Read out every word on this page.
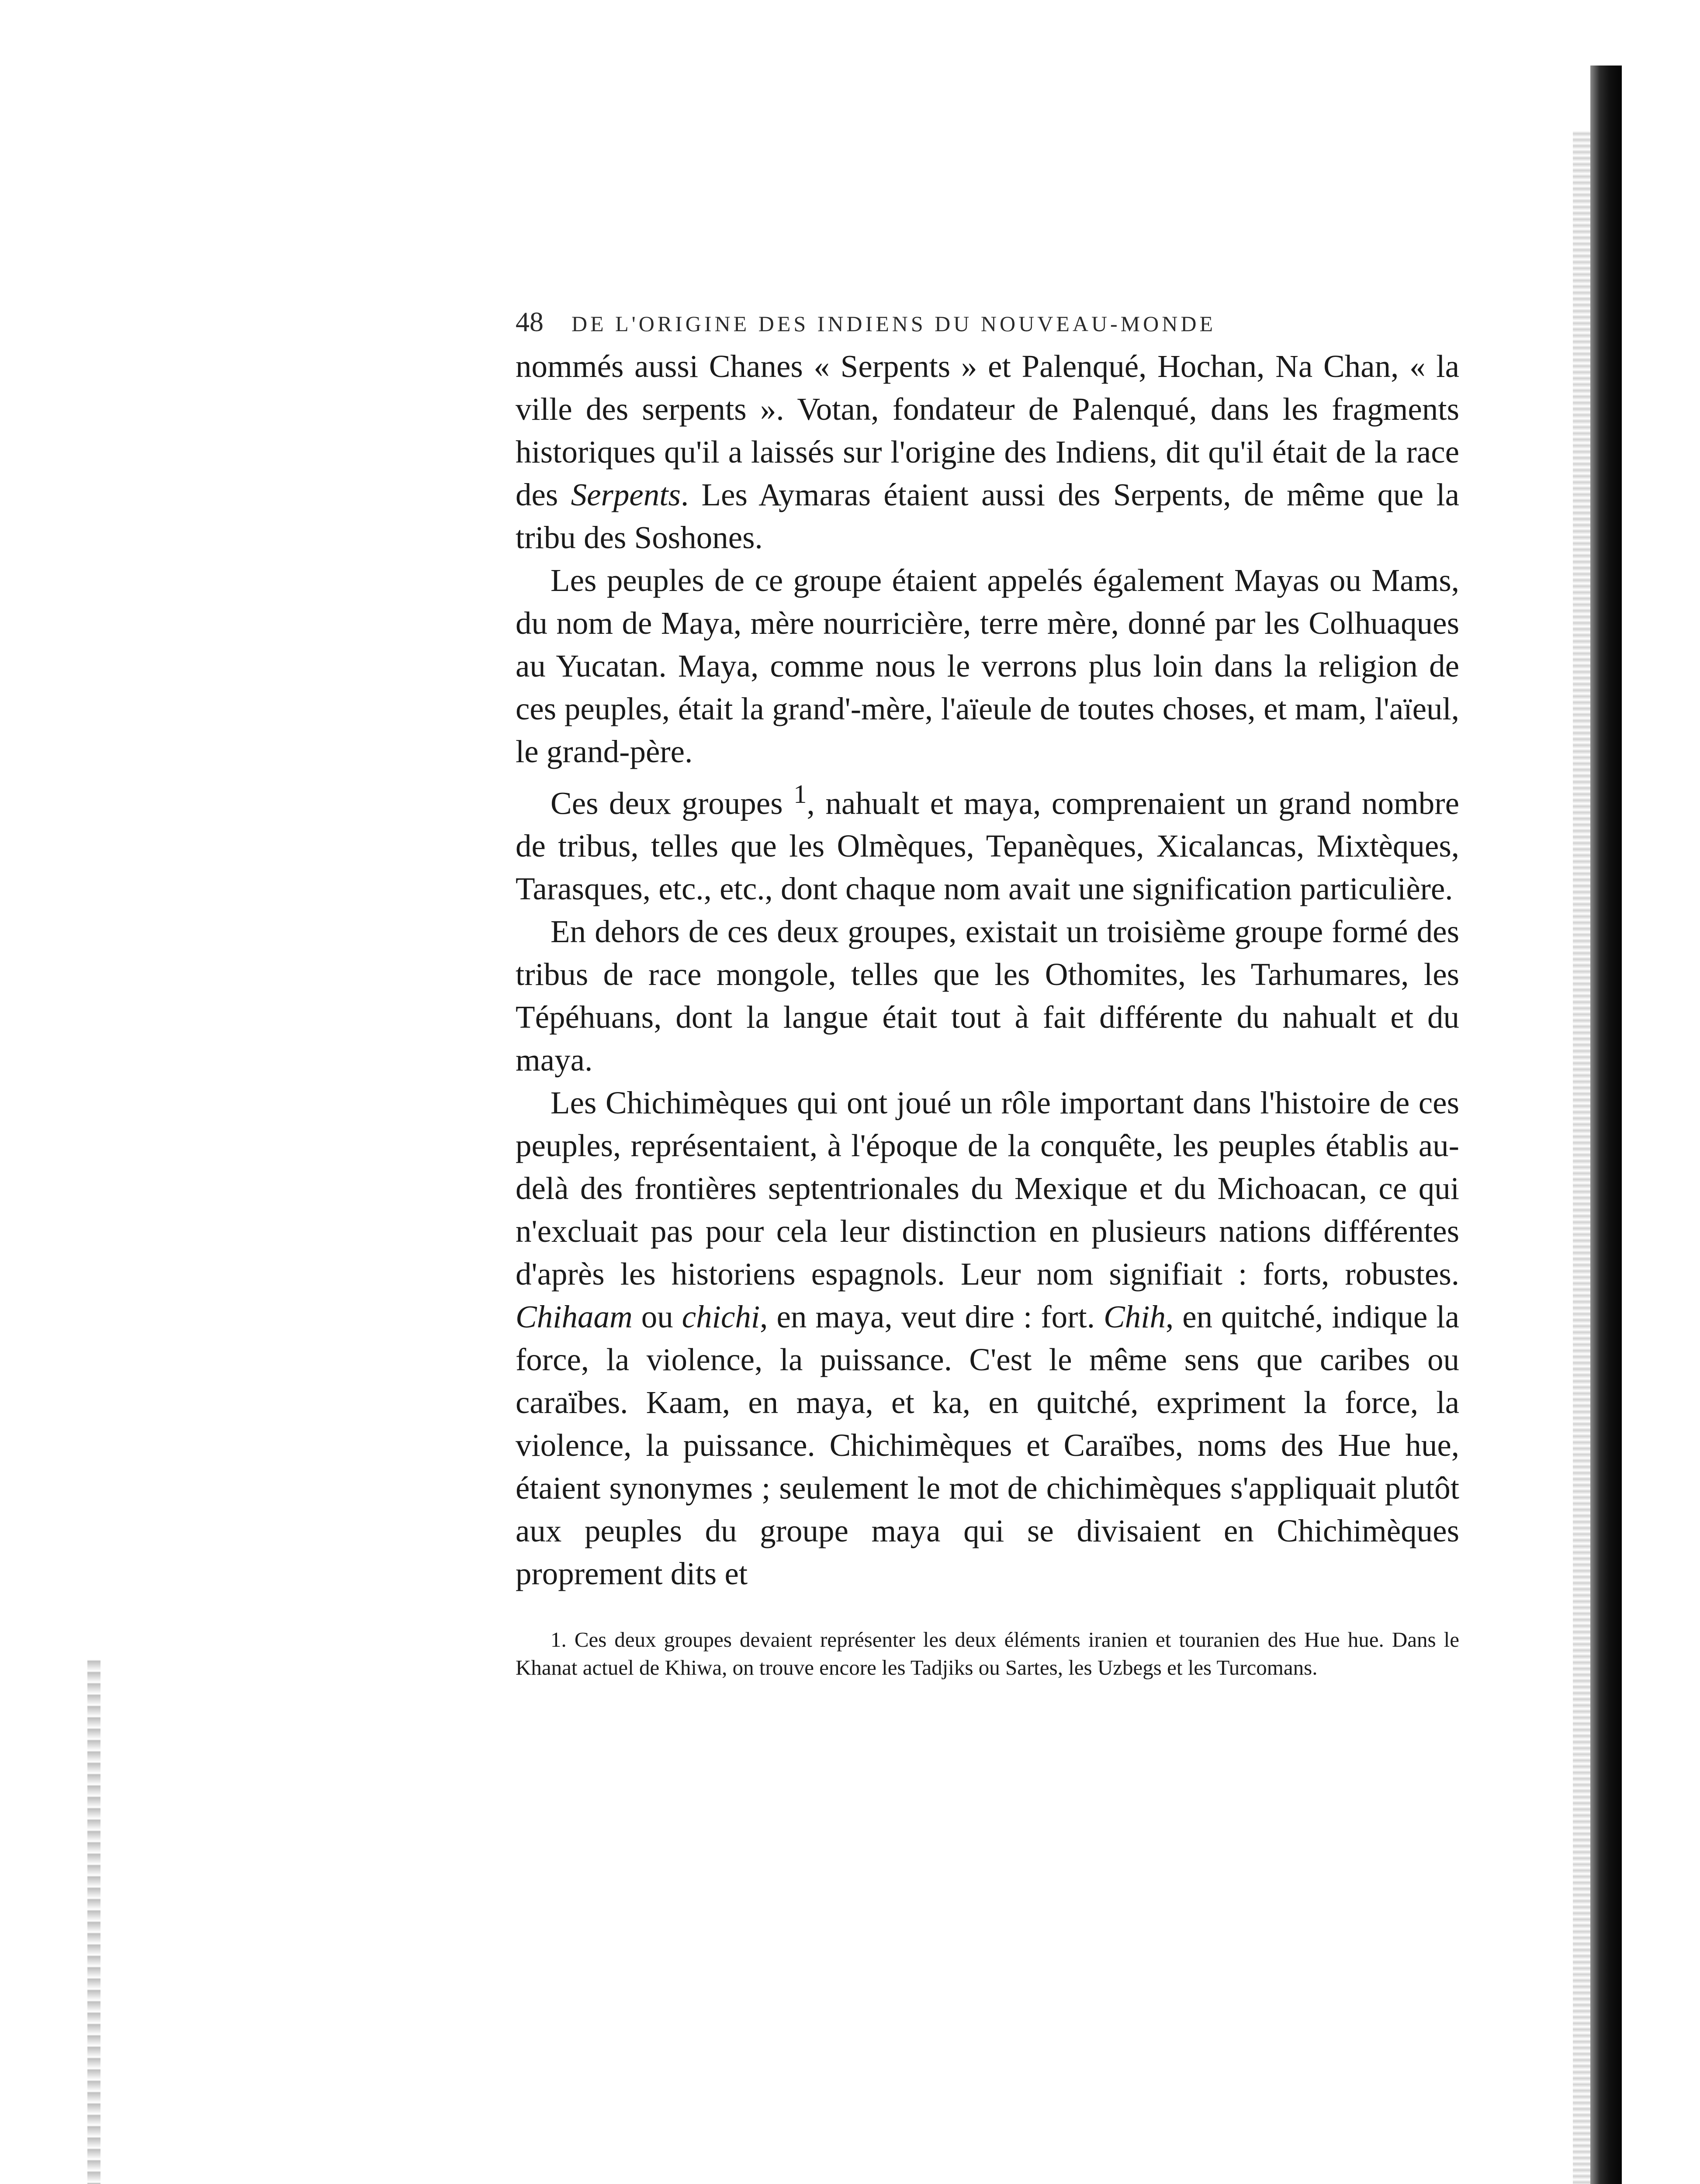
48 DE L'ORIGINE DES INDIENS DU NOUVEAU-MONDE

nommés aussi Chanes « Serpents » et Palenqué, Hochan, Na Chan, « la ville des serpents ». Votan, fondateur de Palenqué, dans les fragments historiques qu'il a laissés sur l'origine des Indiens, dit qu'il était de la race des Serpents. Les Aymaras étaient aussi des Serpents, de même que la tribu des Soshones.

Les peuples de ce groupe étaient appelés également Mayas ou Mams, du nom de Maya, mère nourricière, terre mère, donné par les Colhuaques au Yucatan. Maya, comme nous le verrons plus loin dans la religion de ces peuples, était la grand'-mère, l'aïeule de toutes choses, et mam, l'aïeul, le grand-père.

Ces deux groupes $^1$, nahualt et maya, comprenaient un grand nombre de tribus, telles que les Olmèques, Tepanèques, Xicalancas, Mixtèques, Tarasques, etc., etc., dont chaque nom avait une signification particulière.

En dehors de ces deux groupes, existait un troisième groupe formé des tribus de race mongole, telles que les Othomites, les Tarhumares, les Tépéhuans, dont la langue était tout à fait différente du nahualt et du maya.

Les Chichimèques qui ont joué un rôle important dans l'histoire de ces peuples, représentaient, à l'époque de la conquête, les peuples établis au-delà des frontières septentrionales du Mexique et du Michoacan, ce qui n'excluait pas pour cela leur distinction en plusieurs nations différentes d'après les historiens espagnols. Leur nom signifiait : forts, robustes. Chihaam ou chichi, en maya, veut dire : fort. Chih, en quitché, indique la force, la violence, la puissance. C'est le même sens que caribes ou caraïbes. Kaam, en maya, et ka, en quitché, expriment la force, la violence, la puissance. Chichimèques et Caraïbes, noms des Hue hue, étaient synonymes ; seulement le mot de chichimèques s'appliquait plutôt aux peuples du groupe maya qui se divisaient en Chichimèques proprement dits et

1. Ces deux groupes devaient représenter les deux éléments iranien et touranien des Hue hue. Dans le Khanat actuel de Khiwa, on trouve encore les Tadjiks ou Sartes, les Uzbegs et les Turcomans.
